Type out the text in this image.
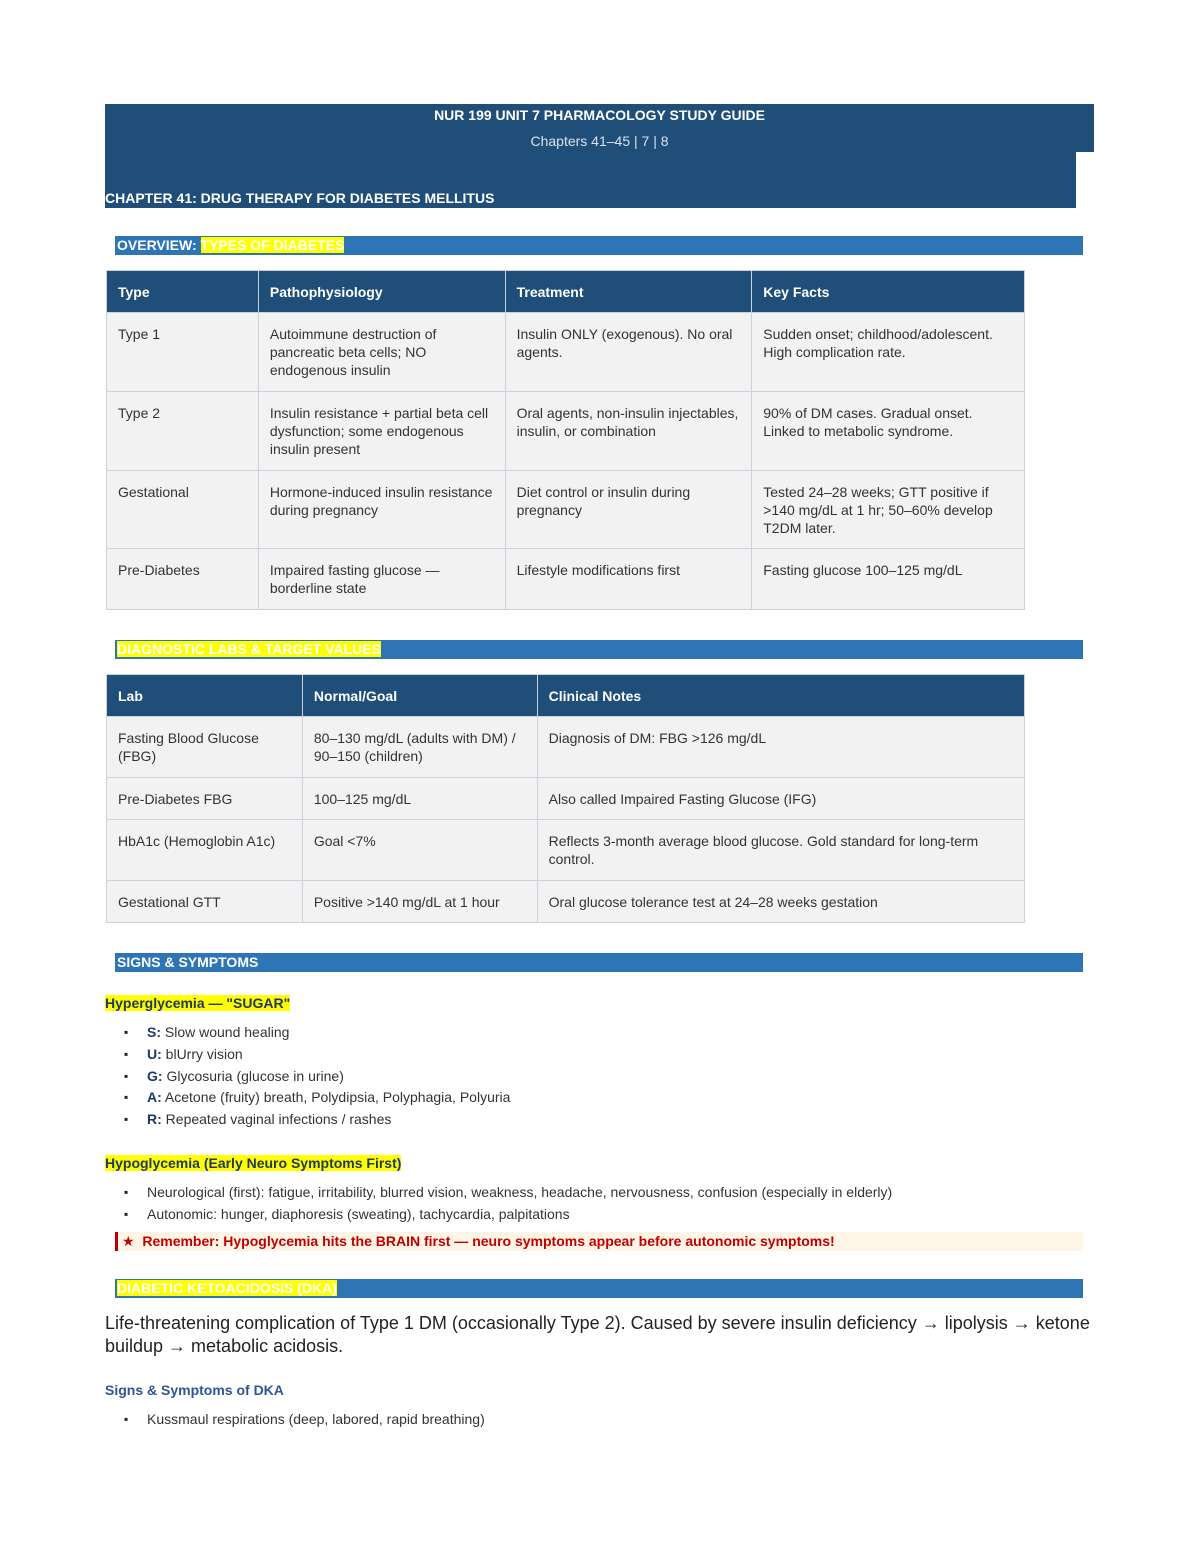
NUR 199 UNIT 7 PHARMACOLOGY STUDY GUIDE
Chapters 41–45 | 7 | 8
CHAPTER 41: DRUG THERAPY FOR DIABETES MELLITUS
OVERVIEW: TYPES OF DIABETES
Type	Pathophysiology	Treatment	Key Facts
Type 1	Autoimmune destruction of pancreatic beta cells; NO endogenous insulin	Insulin ONLY (exogenous). No oral agents.	Sudden onset; childhood/adolescent. High complication rate.
Type 2	Insulin resistance + partial beta cell dysfunction; some endogenous insulin present	Oral agents, non-insulin injectables, insulin, or combination	90% of DM cases. Gradual onset. Linked to metabolic syndrome.
Gestational	Hormone-induced insulin resistance during pregnancy	Diet control or insulin during pregnancy	Tested 24–28 weeks; GTT positive if >140 mg/dL at 1 hr; 50–60% develop T2DM later.
Pre-Diabetes	Impaired fasting glucose — borderline state	Lifestyle modifications first	Fasting glucose 100–125 mg/dL
DIAGNOSTIC LABS & TARGET VALUES
Lab	Normal/Goal	Clinical Notes
Fasting Blood Glucose (FBG)	80–130 mg/dL (adults with DM) / 90–150 (children)	Diagnosis of DM: FBG >126 mg/dL
Pre-Diabetes FBG	100–125 mg/dL	Also called Impaired Fasting Glucose (IFG)
HbA1c (Hemoglobin A1c)	Goal <7%	Reflects 3-month average blood glucose. Gold standard for long-term control.
Gestational GTT	Positive >140 mg/dL at 1 hour	Oral glucose tolerance test at 24–28 weeks gestation
SIGNS & SYMPTOMS
Hyperglycemia — "SUGAR"
▪ S: Slow wound healing
▪ U: blUrry vision
▪ G: Glycosuria (glucose in urine)
▪ A: Acetone (fruity) breath, Polydipsia, Polyphagia, Polyuria
▪ R: Repeated vaginal infections / rashes
Hypoglycemia (Early Neuro Symptoms First)
▪ Neurological (first): fatigue, irritability, blurred vision, weakness, headache, nervousness, confusion (especially in elderly)
▪ Autonomic: hunger, diaphoresis (sweating), tachycardia, palpitations
★ Remember: Hypoglycemia hits the BRAIN first — neuro symptoms appear before autonomic symptoms!
DIABETIC KETOACIDOSIS (DKA)
Life-threatening complication of Type 1 DM (occasionally Type 2). Caused by severe insulin deficiency → lipolysis → ketone buildup → metabolic acidosis.
Signs & Symptoms of DKA
▪ Kussmaul respirations (deep, labored, rapid breathing)
